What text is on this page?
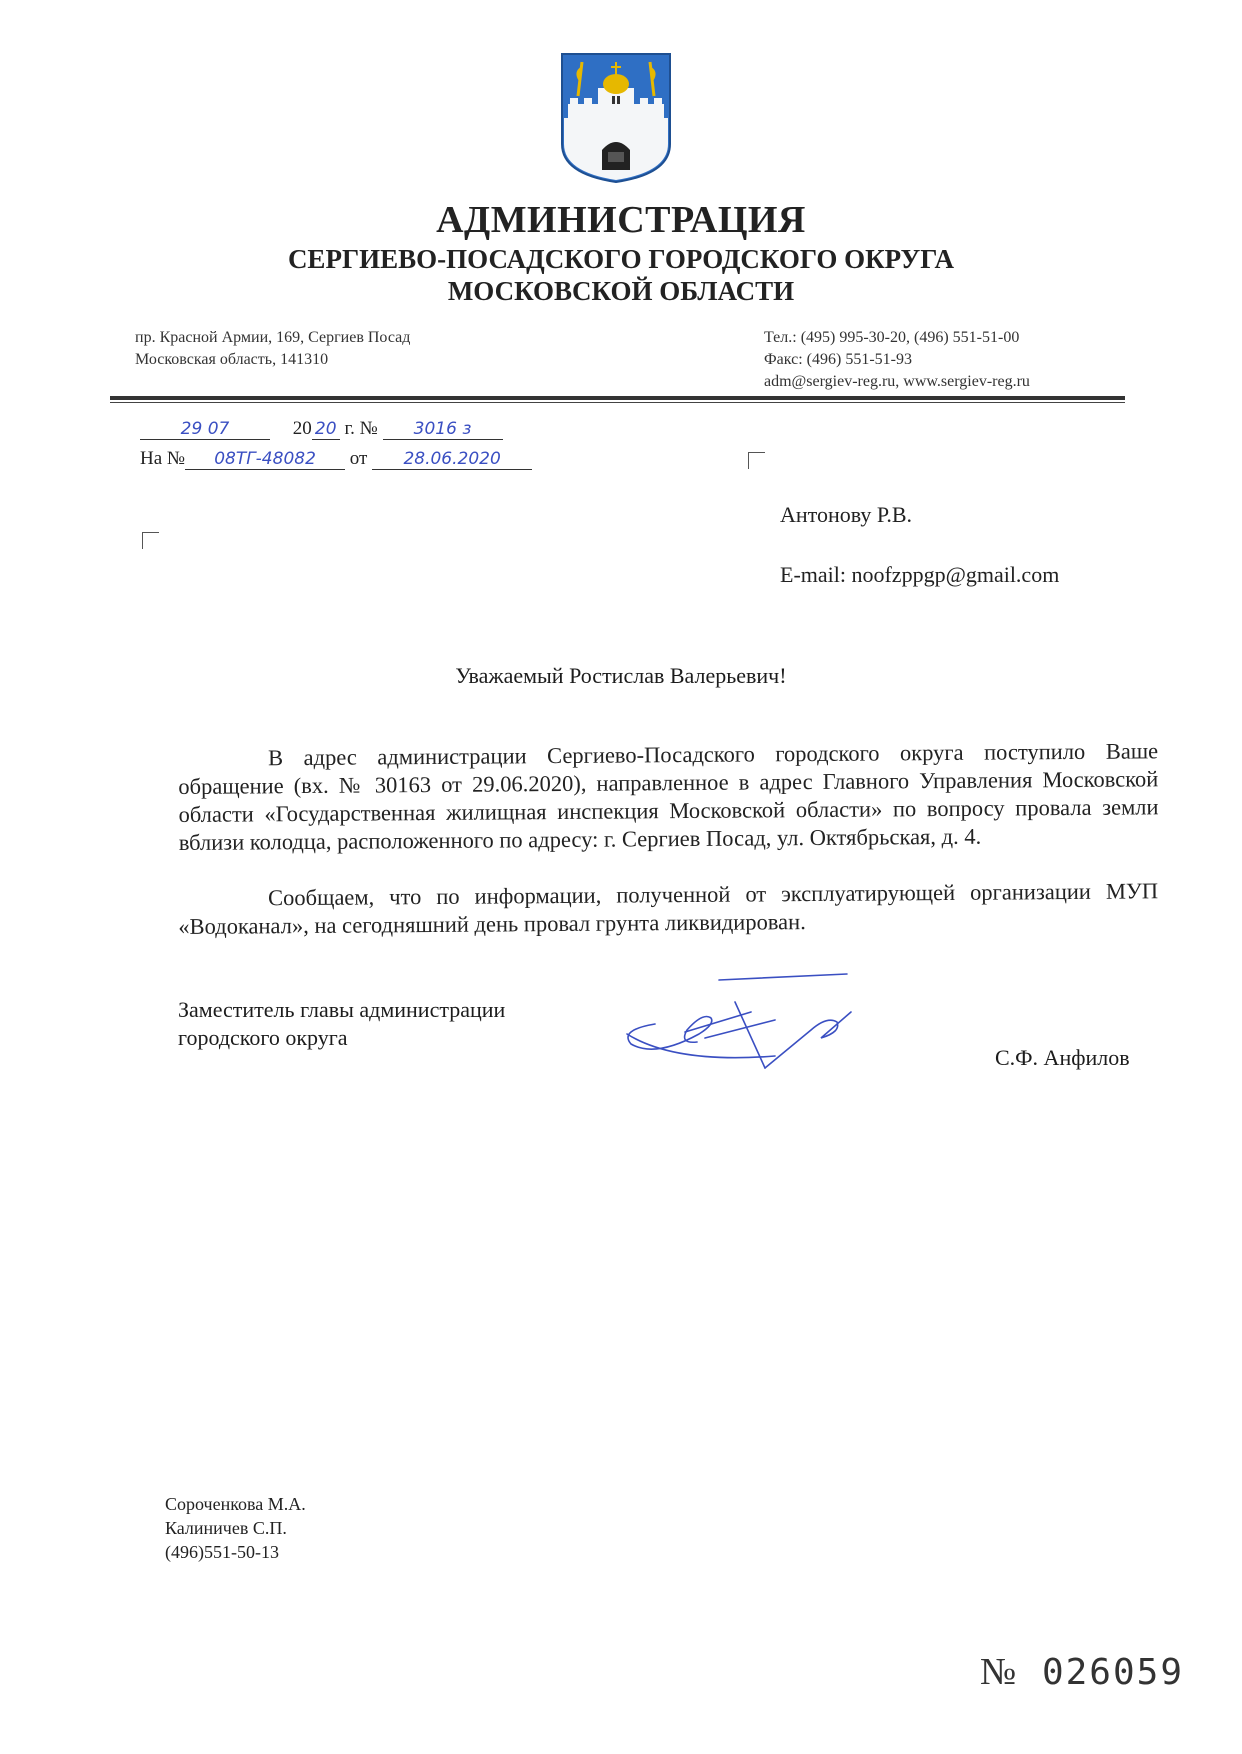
АДМИНИСТРАЦИЯ
СЕРГИЕВО-ПОСАДСКОГО ГОРОДСКОГО ОКРУГА
МОСКОВСКОЙ ОБЛАСТИ
пр. Красной Армии, 169, Сергиев Посад
Московская область, 141310
Тел.: (495) 995-30-20, (496) 551-51-00
Факс: (496) 551-51-93
adm@sergiev-reg.ru, www.sergiev-reg.ru
29 07	20 20 г. № 3016 з
На № 08ТГ-48082 от 28.06.2020
Антонову Р.В.
E-mail: noofzppgp@gmail.com
Уважаемый Ростислав Валерьевич!
В адрес администрации Сергиево-Посадского городского округа поступило Ваше обращение (вх. № 30163 от 29.06.2020), направленное в адрес Главного Управления Московской области «Государственная жилищная инспекция Московской области» по вопросу провала земли вблизи колодца, расположенного по адресу: г. Сергиев Посад, ул. Октябрьская, д. 4.
Сообщаем, что по информации, полученной от эксплуатирующей организации МУП «Водоканал», на сегодняшний день провал грунта ликвидирован.
Заместитель главы администрации
городского округа
С.Ф. Анфилов
Сороченкова М.А.
Калиничев С.П.
(496)551-50-13
№ 026059
